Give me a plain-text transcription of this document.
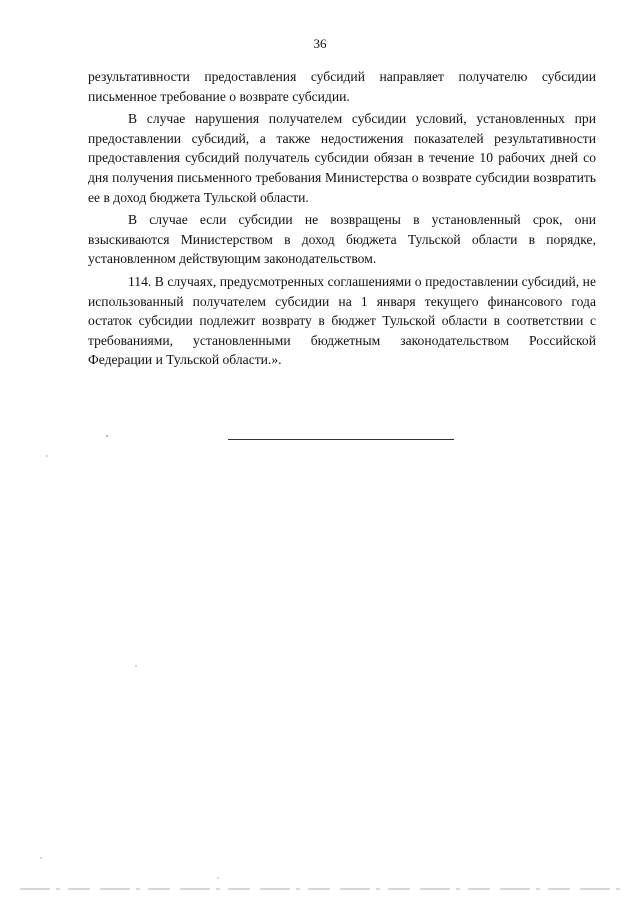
36

результативности предоставления субсидий направляет получателю субсидии письменное требование о возврате субсидии.

В случае нарушения получателем субсидии условий, установленных при предоставлении субсидий, а также недостижения показателей результативности предоставления субсидий получатель субсидии обязан в течение 10 рабочих дней со дня получения письменного требования Министерства о возврате субсидии возвратить ее в доход бюджета Тульской области.

В случае если субсидии не возвращены в установленный срок, они взыскиваются Министерством в доход бюджета Тульской области в порядке, установленном действующим законодательством.

114. В случаях, предусмотренных соглашениями о предоставлении субсидий, не использованный получателем субсидии на 1 января текущего финансового года остаток субсидии подлежит возврату в бюджет Тульской области в соответствии с требованиями, установленными бюджетным законодательством Российской Федерации и Тульской области.».
